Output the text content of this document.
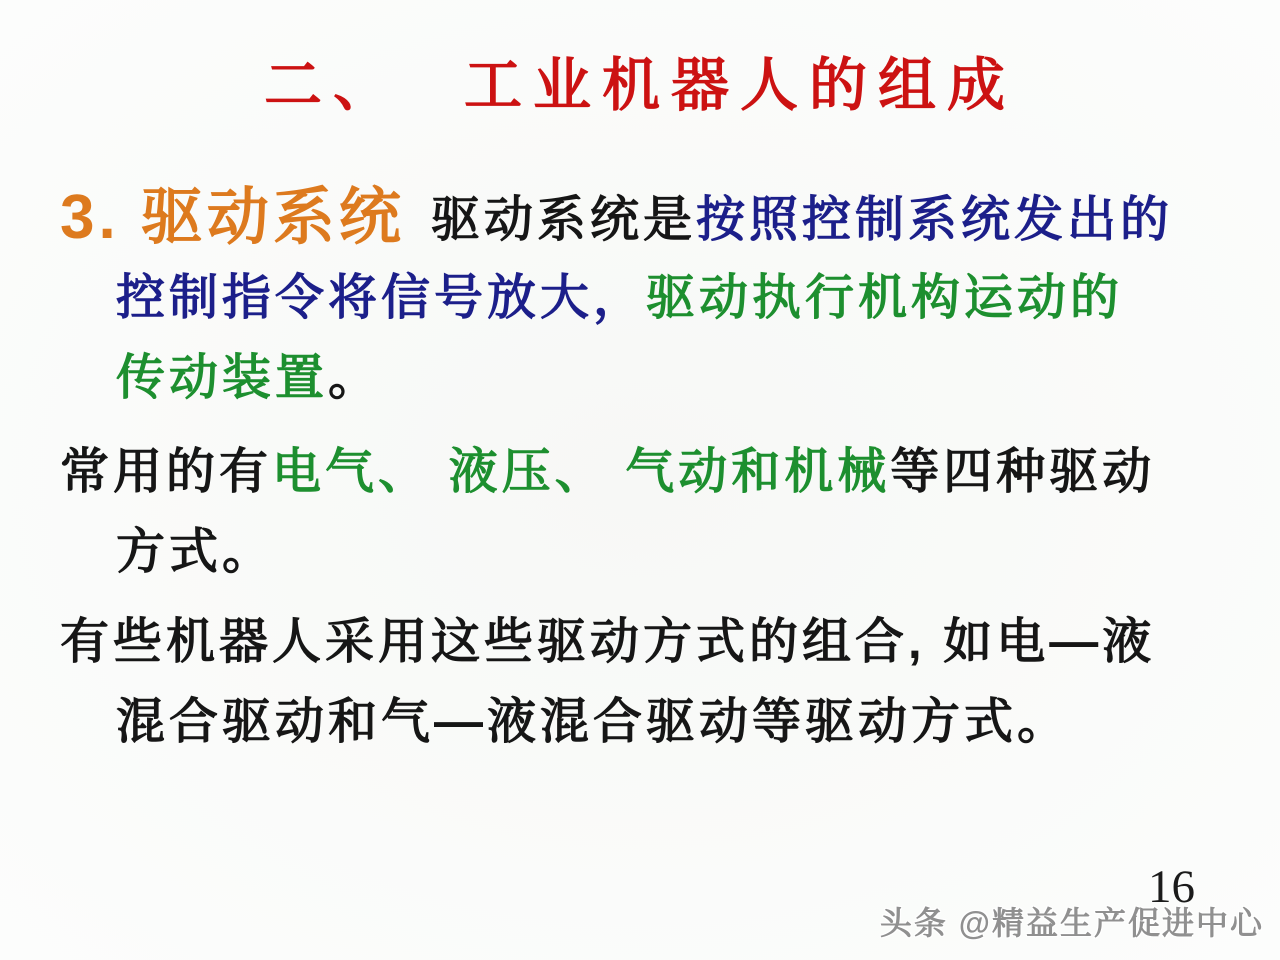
二、 工业机器人的组成
3. 驱动系统 驱动系统是按照控制系统发出的
控制指令将信号放大，驱动执行机构运动的
传动装置。
常用的有电气、 液压、 气动和机械等四种驱动
方式。
有些机器人采用这些驱动方式的组合, 如电—液
混合驱动和气—液混合驱动等驱动方式。
16
头条 @精益生产促进中心
